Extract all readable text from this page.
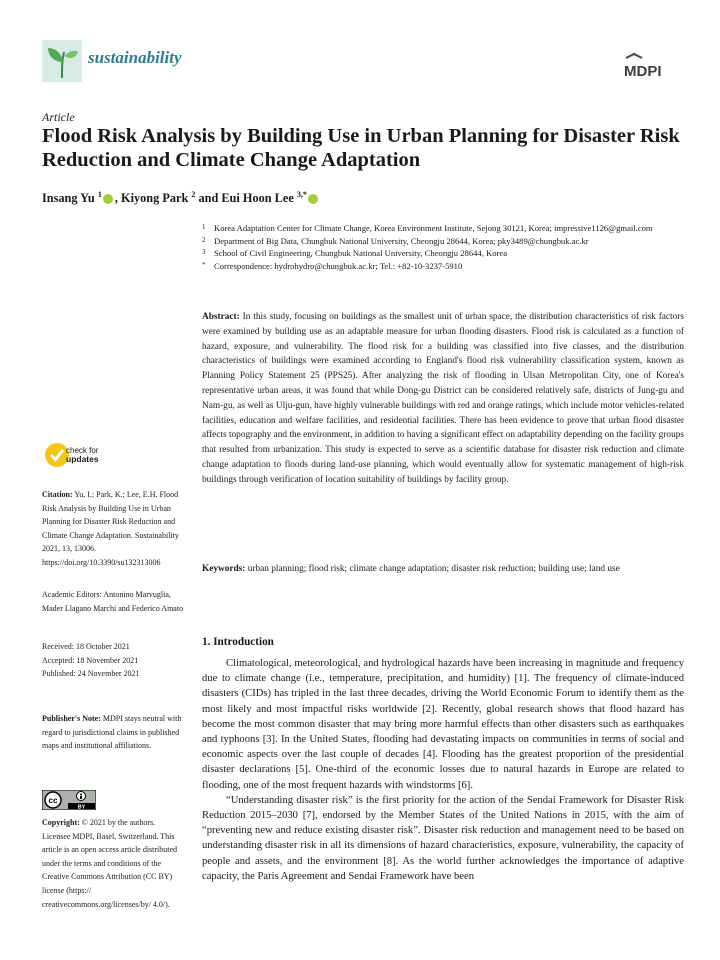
sustainability
MDPI
Article
Flood Risk Analysis by Building Use in Urban Planning for Disaster Risk Reduction and Climate Change Adaptation
Insang Yu $^1$ , Kiyong Park $^2$ and Eui Hoon Lee $^{3,*}$
1 Korea Adaptation Center for Climate Change, Korea Environment Institute, Sejong 30121, Korea; impressive1126@gmail.com
2 Department of Big Data, Chungbuk National University, Cheongju 28644, Korea; pky3489@chungbuk.ac.kr
3 School of Civil Engineering, Chungbuk National University, Cheongju 28644, Korea
* Correspondence: hydrohydro@chungbuk.ac.kr; Tel.: +82-10-3237-5910
Abstract: In this study, focusing on buildings as the smallest unit of urban space, the distribution characteristics of risk factors were examined by building use as an adaptable measure for urban flooding disasters. Flood risk is calculated as a function of hazard, exposure, and vulnerability. The flood risk for a building was classified into five classes, and the distribution characteristics of buildings were examined according to England's flood risk vulnerability classification system, known as Planning Policy Statement 25 (PPS25). After analyzing the risk of flooding in Ulsan Metropolitan City, one of Korea's representative urban areas, it was found that while Dong-gu District can be considered relatively safe, districts of Jung-gu and Nam-gu, as well as Ulju-gun, have highly vulnerable buildings with red and orange ratings, which include motor vehicles-related facilities, education and welfare facilities, and residential facilities. There has been evidence to prove that urban flood disaster affects topography and the environment, in addition to having a significant effect on adaptability depending on the facility groups that resulted from urbanization. This study is expected to serve as a scientific database for disaster risk reduction and climate change adaptation to floods during land-use planning, which would eventually allow for systematic management of high-risk buildings through verification of location suitability of buildings by facility group.
Keywords: urban planning; flood risk; climate change adaptation; disaster risk reduction; building use; land use
check for
updates
Citation: Yu, I.; Park, K.; Lee, E.H. Flood Risk Analysis by Building Use in Urban Planning for Disaster Risk Reduction and Climate Change Adaptation. Sustainability 2021, 13, 13006. https://doi.org/10.3390/su132313006
Academic Editors: Antonino Marvuglia, Mader Llagano Marchi and Federico Amato
Received: 18 October 2021
Accepted: 18 November 2021
Published: 24 November 2021
Publisher's Note: MDPI stays neutral with regard to jurisdictional claims in published maps and institutional affiliations.
cc
BY
Copyright: © 2021 by the authors. Licensee MDPI, Basel, Switzerland. This article is an open access article distributed under the terms and conditions of the Creative Commons Attribution (CC BY) license (https:// creativecommons.org/licenses/by/ 4.0/).
1. Introduction

Climatological, meteorological, and hydrological hazards have been increasing in magnitude and frequency due to climate change (i.e., temperature, precipitation, and humidity) [1]. The frequency of climate-induced disasters (CIDs) has tripled in the last three decades, driving the World Economic Forum to identify them as the most likely and most impactful risks worldwide [2]. Recently, global research shows that flood hazard has become the most common disaster that may bring more harmful effects than other disasters such as earthquakes and typhoons [3]. In the United States, flooding had devastating impacts on communities in terms of social and economic aspects over the last couple of decades [4]. Flooding has the greatest proportion of the presidential disaster declarations [5]. One-third of the economic losses due to natural hazards in Europe are related to flooding, one of the most frequent hazards with windstorms [6].

“Understanding disaster risk” is the first priority for the action of the Sendai Framework for Disaster Risk Reduction 2015–2030 [7], endorsed by the Member States of the United Nations in 2015, with the aim of “preventing new and reduce existing disaster risk”. Disaster risk reduction and management need to be based on understanding disaster risk in all its dimensions of hazard characteristics, exposure, vulnerability, the capacity of people and assets, and the environment [8]. As the world further acknowledges the importance of adaptive capacity, the Paris Agreement and Sendai Framework have been
